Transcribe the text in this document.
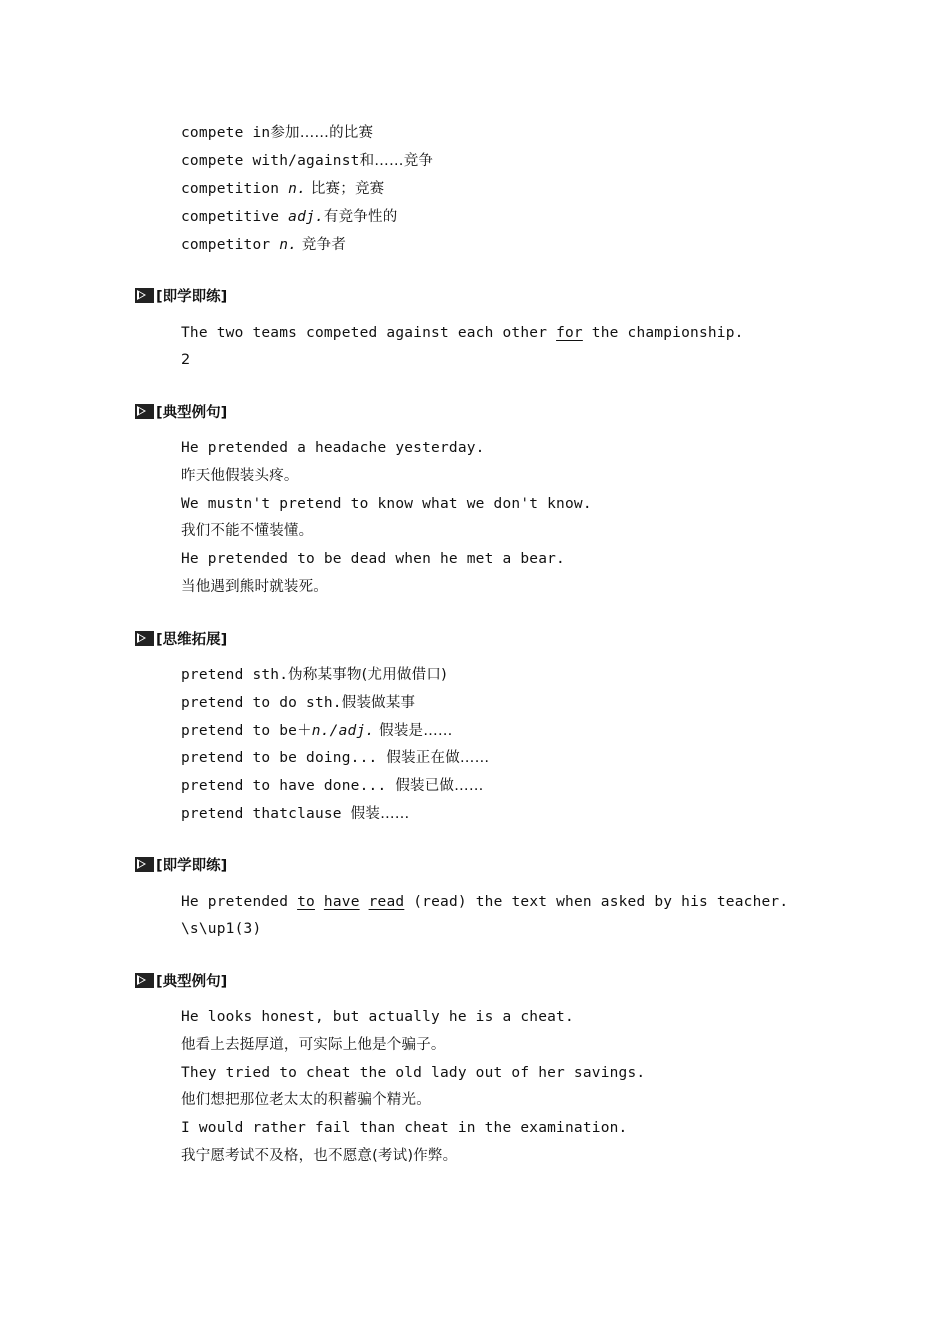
compete in参加……的比赛
compete with/against和……竞争
competition n. 比赛；竞赛
competitive adj.有竞争性的
competitor n. 竞争者
[即学即练]
The two teams competed against each other for the championship.
2
[典型例句]
He pretended a headache yesterday.
昨天他假装头疼。
We mustn't pretend to know what we don't know.
我们不能不懂装懂。
He pretended to be dead when he met a bear.
当他遇到熊时就装死。
[思维拓展]
pretend sth.伪称某事物(尤用做借口)
pretend to do sth.假装做某事
pretend to be＋n./adj. 假装是……
pretend to be doing... 假装正在做……
pretend to have done... 假装已做……
pretend thatclause 假装……
[即学即练]
He pretended to have read (read) the text when asked by his teacher.
\s\up1(3)
[典型例句]
He looks honest, but actually he is a cheat.
他看上去挺厚道，可实际上他是个骗子。
They tried to cheat the old lady out of her savings.
他们想把那位老太太的积蓄骗个精光。
I would rather fail than cheat in the examination.
我宁愿考试不及格，也不愿意(考试)作弊。
